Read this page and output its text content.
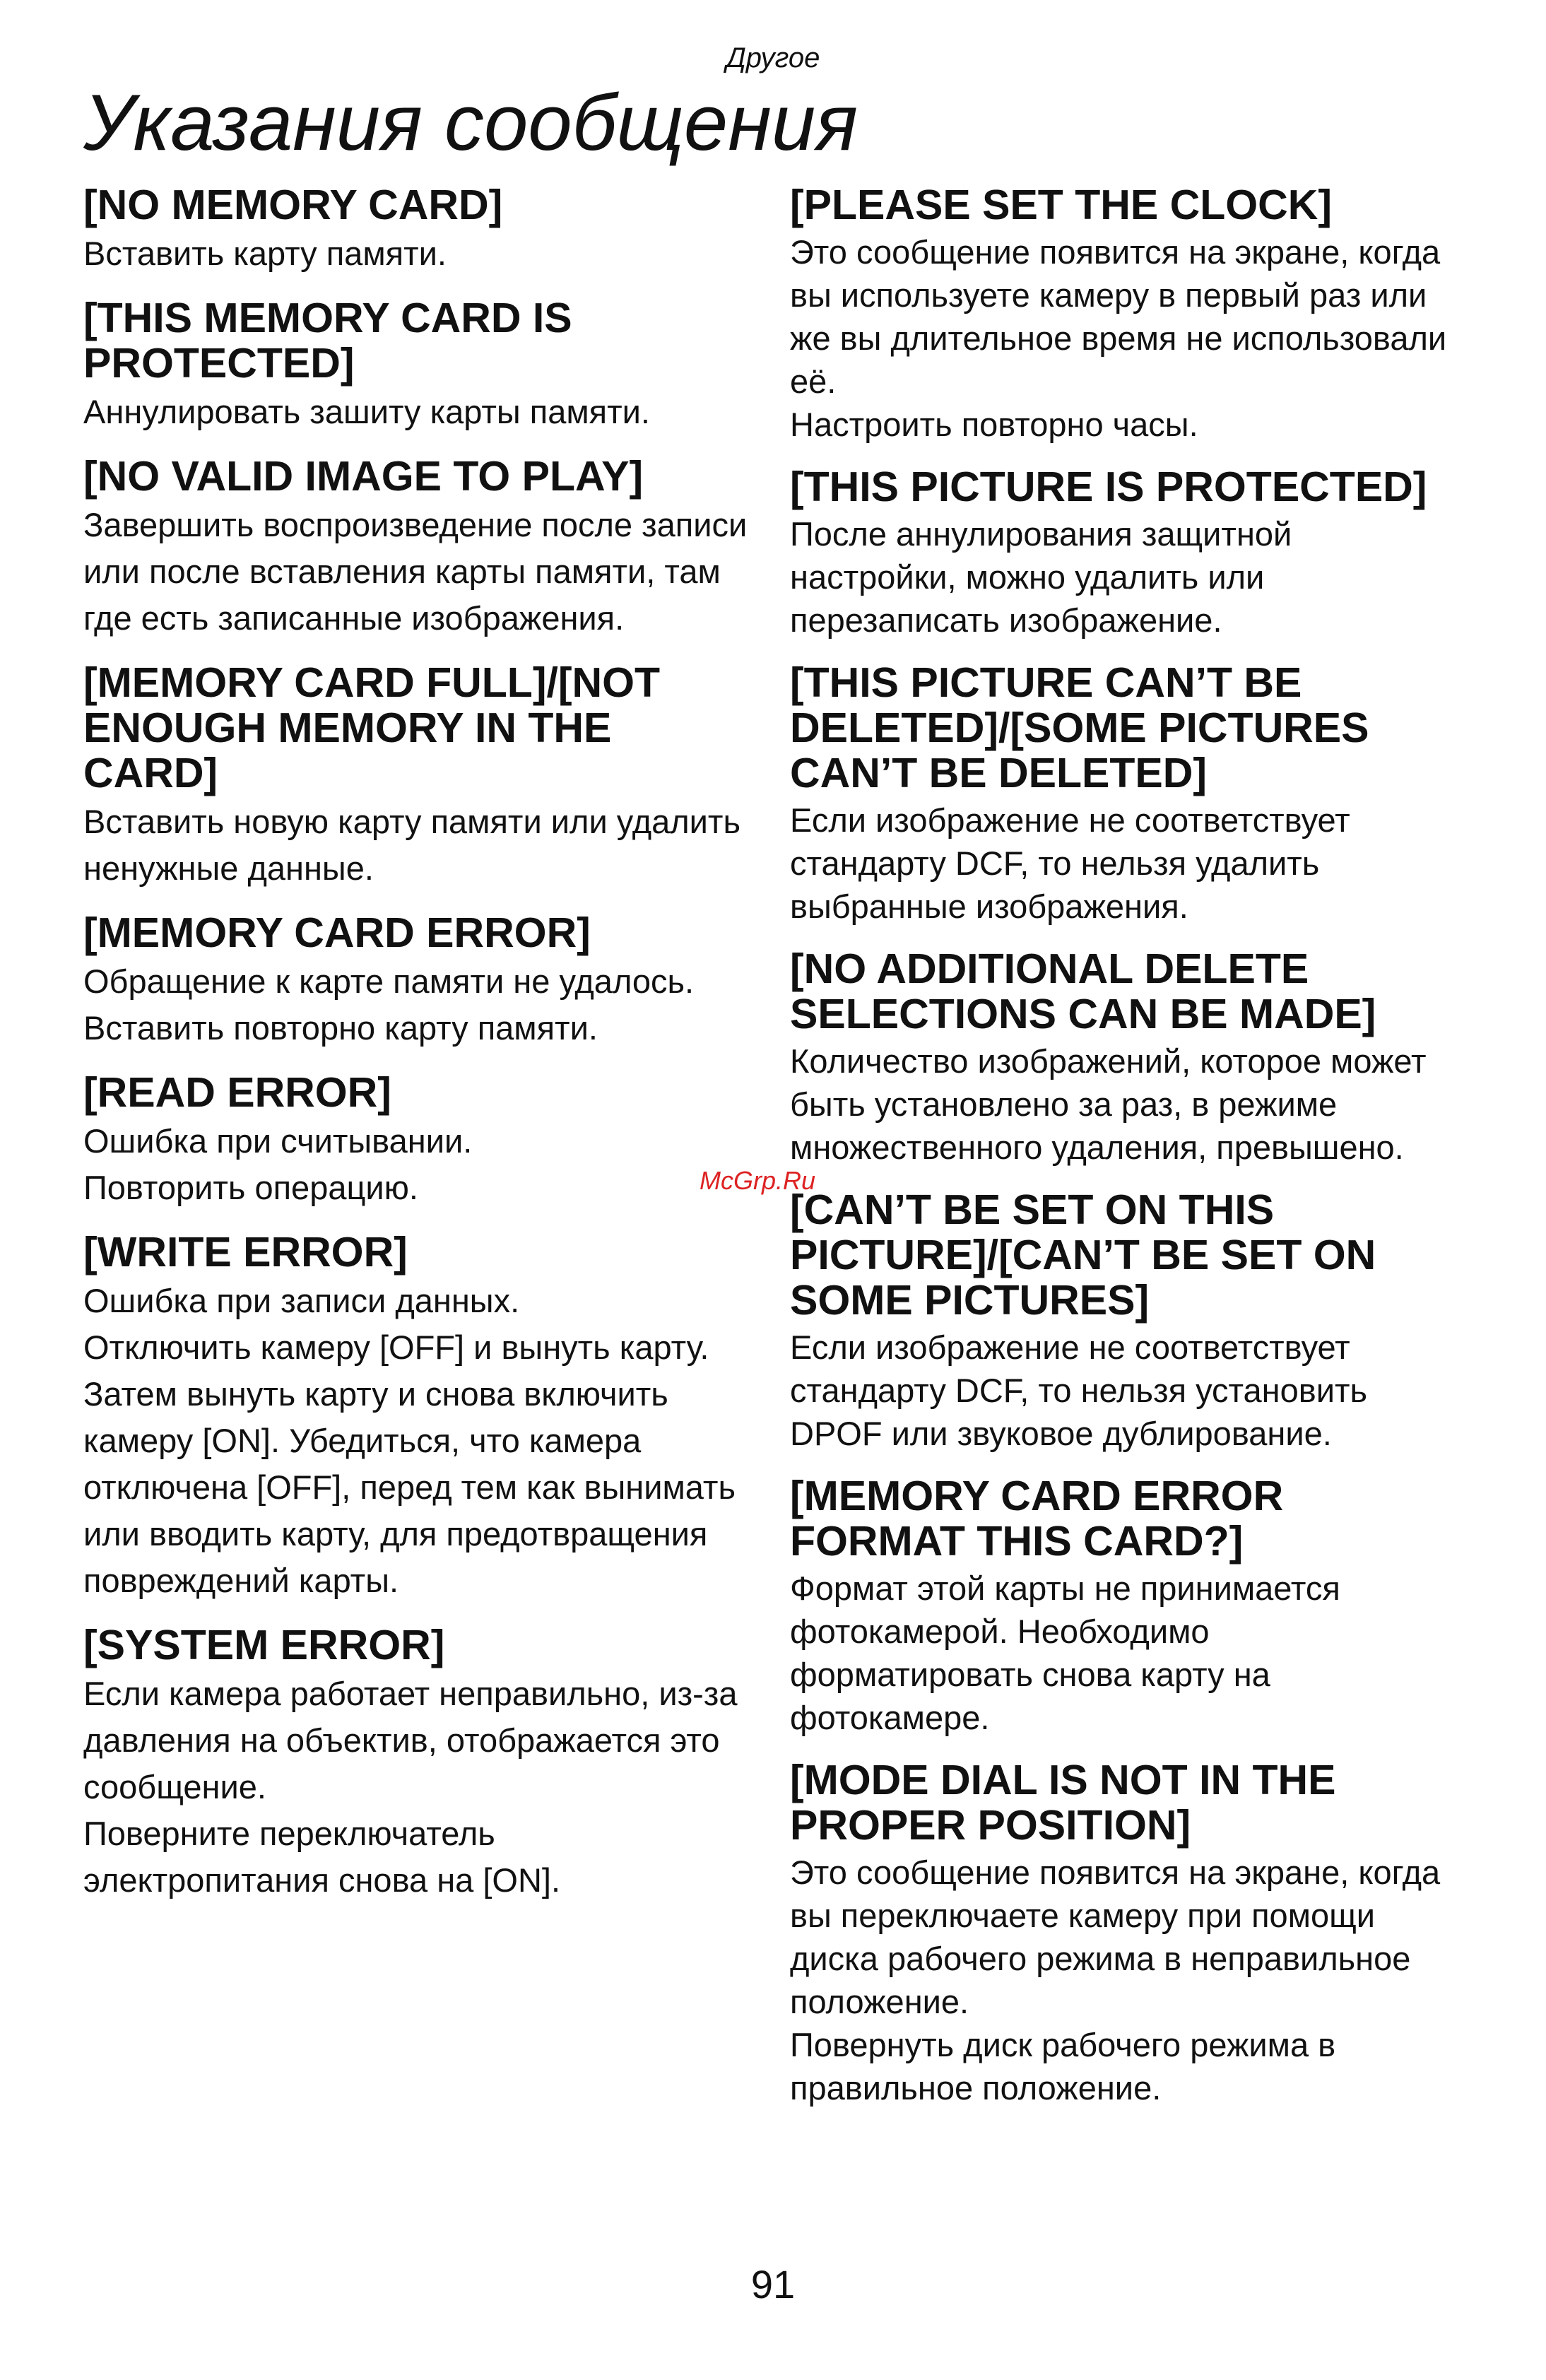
Другое
Указания сообщения
[NO MEMORY CARD]
Вставить карту памяти.
[THIS MEMORY CARD IS PROTECTED]
Аннулировать зашиту карты памяти.
[NO VALID IMAGE TO PLAY]
Завершить воспроизведение после записи или после вставления карты памяти, там где есть записанные изображения.
[MEMORY CARD FULL]/[NOT ENOUGH MEMORY IN THE CARD]
Вставить новую карту памяти или удалить ненужные данные.
[MEMORY CARD ERROR]
Обращение к карте памяти не удалось.
Вставить повторно карту памяти.
[READ ERROR]
Ошибка при считывании.
Повторить операцию.
[WRITE ERROR]
Ошибка при записи данных.
Отключить камеру [OFF] и вынуть карту. Затем вынуть карту и снова включить камеру [ON]. Убедиться, что камера отключена [OFF], перед тем как вынимать или вводить карту, для предотвращения повреждений карты.
[SYSTEM ERROR]
Если камера работает неправильно, из-за давления на объектив, отображается это сообщение.
Поверните переключатель электропитания снова на [ON].
[PLEASE SET THE CLOCK]
Это сообщение появится на экране, когда вы используете камеру в первый раз или же вы длительное время не использовали её.
Настроить повторно часы.
[THIS PICTURE IS PROTECTED]
После аннулирования защитной настройки, можно удалить или перезаписать изображение.
[THIS PICTURE CAN’T BE DELETED]/[SOME PICTURES CAN’T BE DELETED]
Если изображение не соответствует стандарту DCF, то нельзя удалить выбранные изображения.
[NO ADDITIONAL DELETE SELECTIONS CAN BE MADE]
Количество изображений, которое может быть установлено за раз, в режиме множественного удаления, превышено.
[CAN’T BE SET ON THIS PICTURE]/[CAN’T BE SET ON SOME PICTURES]
Если изображение не соответствует стандарту DCF, то нельзя установить DPOF или звуковое дублирование.
[MEMORY CARD ERROR FORMAT THIS CARD?]
Формат этой карты не принимается фотокамерой. Необходимо форматировать снова карту на фотокамере.
[MODE DIAL IS NOT IN THE PROPER POSITION]
Это сообщение появится на экране, когда вы переключаете камеру при помощи диска рабочего режима в неправильное положение.
Повернуть диск рабочего режима в правильное положение.
McGrp.Ru
91
